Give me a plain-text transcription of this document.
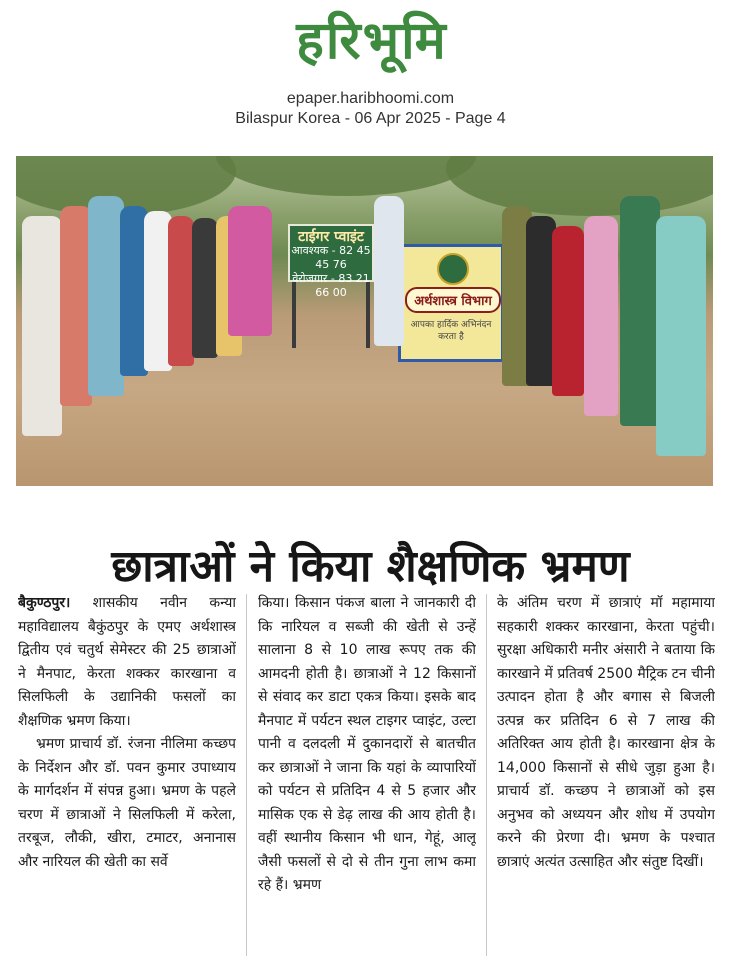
हरिभूमि
epaper.haribhoomi.com
Bilaspur Korea - 06 Apr 2025 - Page 4
टाईगर प्वाइंट
आवश्यक - 82 45 45 76
वेरोजगार - 83 21 66 00
अर्थशास्त्र विभाग
आपका हार्दिक अभिनंदन करता है
छात्राओं ने किया शैक्षणिक भ्रमण

बैकुण्ठपुर। शासकीय नवीन कन्या महाविद्यालय बैकुंठपुर के एमए अर्थशास्त्र द्वितीय एवं चतुर्थ सेमेस्टर की 25 छात्राओं ने मैनपाट, केरता शक्कर कारखाना व सिलफिली के उद्यानिकी फसलों का शैक्षणिक भ्रमण किया।

भ्रमण प्राचार्य डॉ. रंजना नीलिमा कच्छप के निर्देशन और डॉ. पवन कुमार उपाध्याय के मार्गदर्शन में संपन्न हुआ। भ्रमण के पहले चरण में छात्राओं ने सिलफिली में करेला, तरबूज, लौकी, खीरा, टमाटर, अनानास और नारियल की खेती का सर्वे

किया। किसान पंकज बाला ने जानकारी दी कि नारियल व सब्जी की खेती से उन्हें सालाना 8 से 10 लाख रूपए तक की आमदनी होती है। छात्राओं ने 12 किसानों से संवाद कर डाटा एकत्र किया। इसके बाद मैनपाट में पर्यटन स्थल टाइगर प्वाइंट, उल्टा पानी व दलदली में दुकानदारों से बातचीत कर छात्राओं ने जाना कि यहां के व्यापारियों को पर्यटन से प्रतिदिन 4 से 5 हजार और मासिक एक से डेढ़ लाख की आय होती है। वहीं स्थानीय किसान भी धान, गेहूं, आलू जैसी फसलों से दो से तीन गुना लाभ कमा रहे हैं। भ्रमण

के अंतिम चरण में छात्राएं मॉ महामाया सहकारी शक्कर कारखाना, केरता पहुंची। सुरक्षा अधिकारी मनीर अंसारी ने बताया कि कारखाने में प्रतिवर्ष 2500 मैट्रिक टन चीनी उत्पादन होता है और बगास से बिजली उत्पन्न कर प्रतिदिन 6 से 7 लाख की अतिरिक्त आय होती है। कारखाना क्षेत्र के 14,000 किसानों से सीधे जुड़ा हुआ है। प्राचार्य डॉ. कच्छप ने छात्राओं को इस अनुभव को अध्ययन और शोध में उपयोग करने की प्रेरणा दी। भ्रमण के पश्चात छात्राएं अत्यंत उत्साहित और संतुष्ट दिखीं।
